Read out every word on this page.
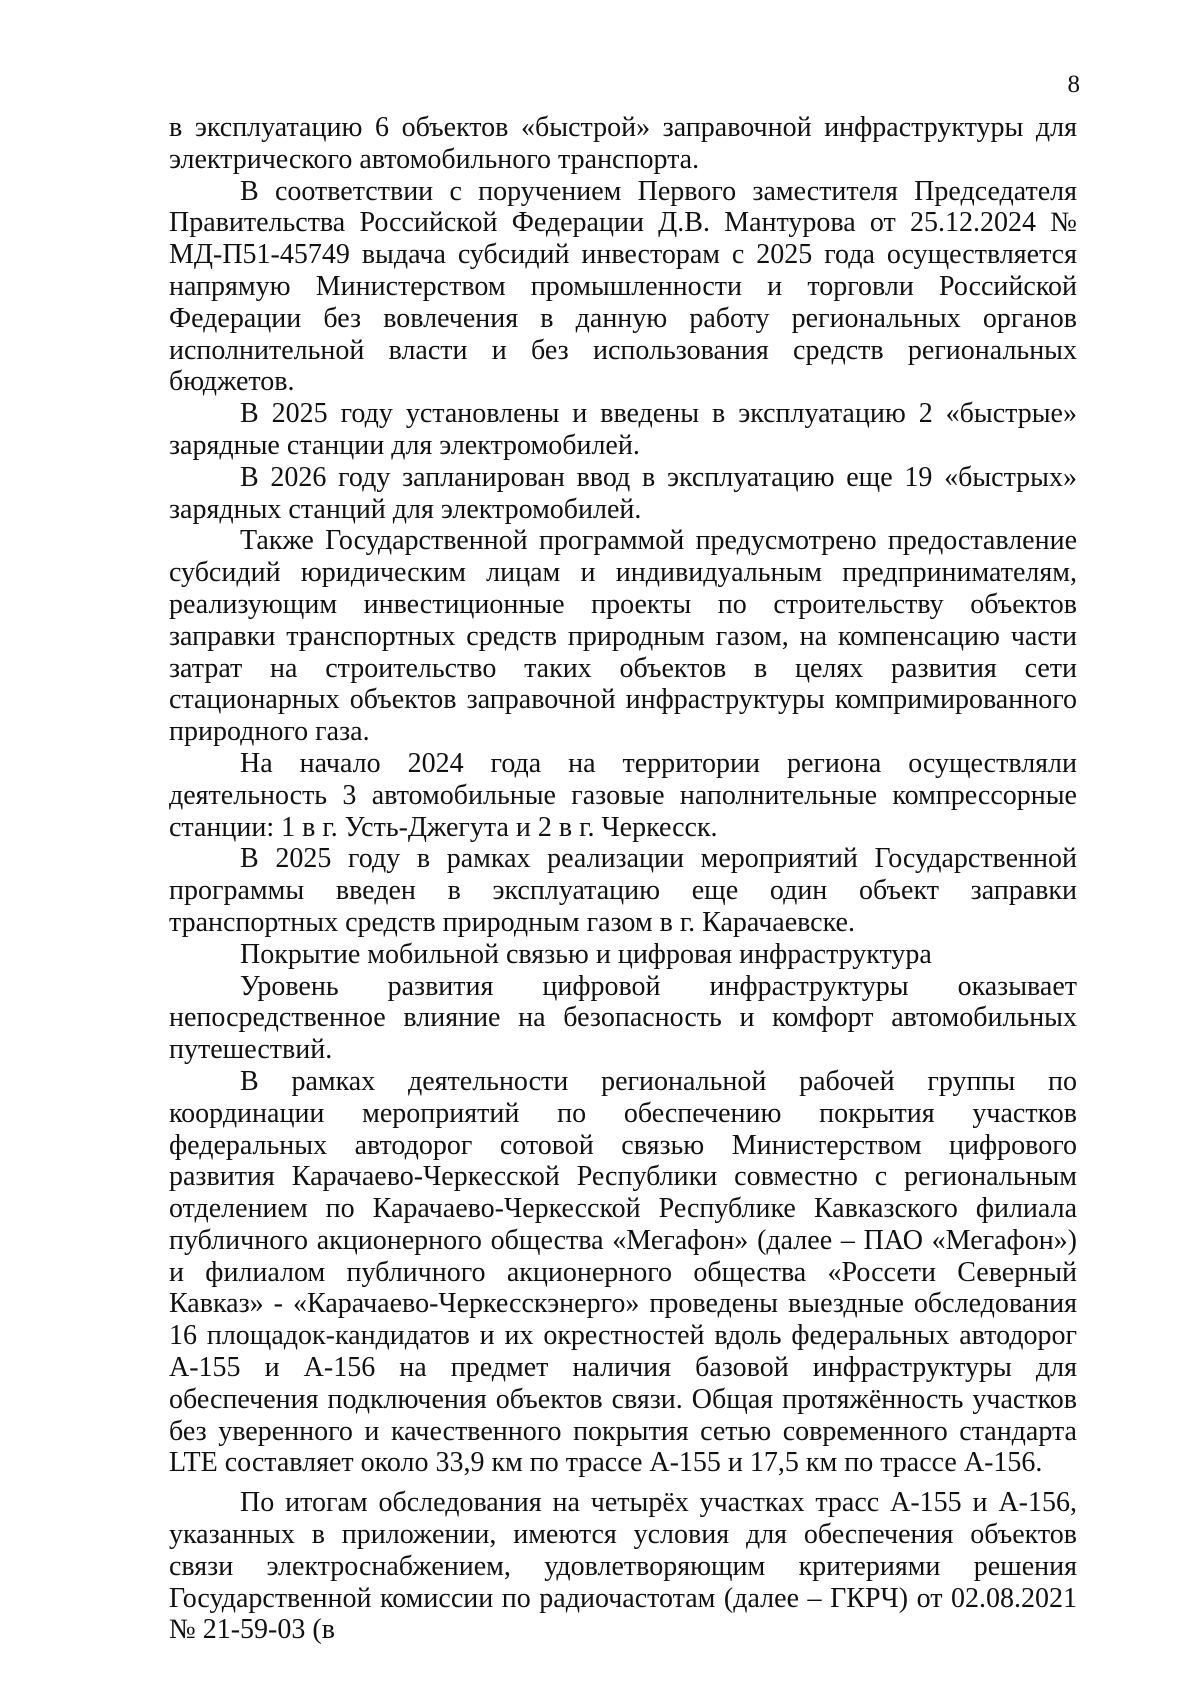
8

в эксплуатацию 6 объектов «быстрой» заправочной инфраструктуры для электрического автомобильного транспорта.

В соответствии с поручением Первого заместителя Председателя Правительства Российской Федерации Д.В. Мантурова от 25.12.2024 № МД-П51-45749 выдача субсидий инвесторам с 2025 года осуществляется напрямую Министерством промышленности и торговли Российской Федерации без вовлечения в данную работу региональных органов исполнительной власти и без использования средств региональных бюджетов.

В 2025 году установлены и введены в эксплуатацию 2 «быстрые» зарядные станции для электромобилей.

В 2026 году запланирован ввод в эксплуатацию еще 19 «быстрых» зарядных станций для электромобилей.

Также Государственной программой предусмотрено предоставление субсидий юридическим лицам и индивидуальным предпринимателям, реализующим инвестиционные проекты по строительству объектов заправки транспортных средств природным газом, на компенсацию части затрат на строительство таких объектов в целях развития сети стационарных объектов заправочной инфраструктуры компримированного природного газа.

На начало 2024 года на территории региона осуществляли деятельность 3 автомобильные газовые наполнительные компрессорные станции: 1 в г. Усть-Джегута и 2 в г. Черкесск.

В 2025 году в рамках реализации мероприятий Государственной программы введен в эксплуатацию еще один объект заправки транспортных средств природным газом в г. Карачаевске.

Покрытие мобильной связью и цифровая инфраструктура

Уровень развития цифровой инфраструктуры оказывает непосредственное влияние на безопасность и комфорт автомобильных путешествий.

В рамках деятельности региональной рабочей группы по координации мероприятий по обеспечению покрытия участков федеральных автодорог сотовой связью Министерством цифрового развития Карачаево-Черкесской Республики совместно с региональным отделением по Карачаево-Черкесской Республике Кавказского филиала публичного акционерного общества «Мегафон» (далее – ПАО «Мегафон») и филиалом публичного акционерного общества «Россети Северный Кавказ» - «Карачаево-Черкесскэнерго» проведены выездные обследования 16 площадок-кандидатов и их окрестностей вдоль федеральных автодорог А-155 и А-156 на предмет наличия базовой инфраструктуры для обеспечения подключения объектов связи. Общая протяжённость участков без уверенного и качественного покрытия сетью современного стандарта LTE составляет около 33,9 км по трассе А-155 и 17,5 км по трассе А-156.

По итогам обследования на четырёх участках трасс А-155 и А-156, указанных в приложении, имеются условия для обеспечения объектов связи электроснабжением, удовлетворяющим критериями решения Государственной комиссии по радиочастотам (далее – ГКРЧ) от 02.08.2021 № 21-59-03 (в
